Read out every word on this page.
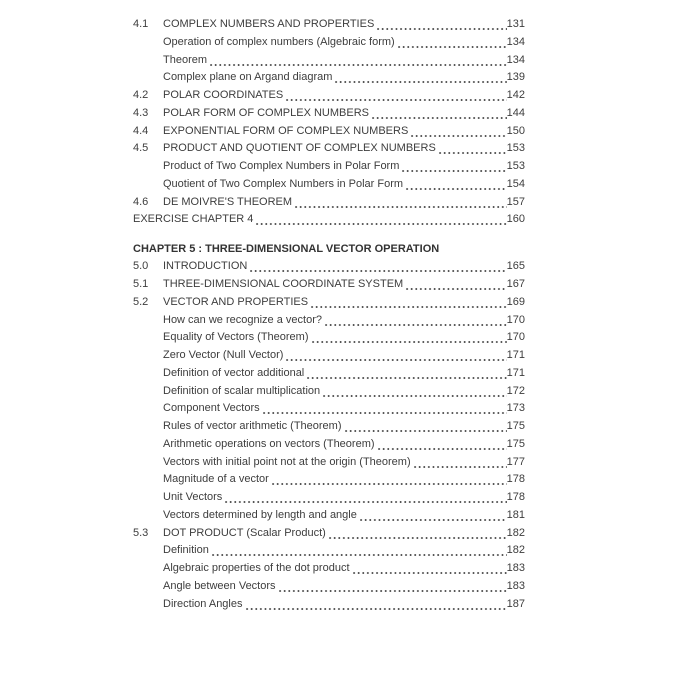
4.1	COMPLEX NUMBERS AND PROPERTIES	131
Operation of complex numbers (Algebraic form)	134
Theorem	134
Complex plane on Argand diagram	139
4.2	POLAR COORDINATES	142
4.3	POLAR FORM OF COMPLEX NUMBERS	144
4.4	EXPONENTIAL FORM OF COMPLEX NUMBERS	150
4.5	PRODUCT AND QUOTIENT OF COMPLEX NUMBERS	153
Product of Two Complex Numbers in Polar Form	153
Quotient of Two Complex Numbers in Polar Form	154
4.6	DE MOIVRE'S THEOREM	157
EXERCISE CHAPTER 4	160
CHAPTER 5 : THREE-DIMENSIONAL VECTOR OPERATION
5.0	INTRODUCTION	165
5.1	THREE-DIMENSIONAL COORDINATE SYSTEM	167
5.2	VECTOR AND PROPERTIES	169
How can we recognize a vector?	170
Equality of Vectors (Theorem)	170
Zero Vector (Null Vector)	171
Definition of vector additional	171
Definition of scalar multiplication	172
Component Vectors	173
Rules of vector arithmetic (Theorem)	175
Arithmetic operations on vectors (Theorem)	175
Vectors with initial point not at the origin (Theorem)	177
Magnitude of a vector	178
Unit Vectors	178
Vectors determined by length and angle	181
5.3	DOT PRODUCT (Scalar Product)	182
Definition	182
Algebraic properties of the dot product	183
Angle between Vectors	183
Direction Angles	187
